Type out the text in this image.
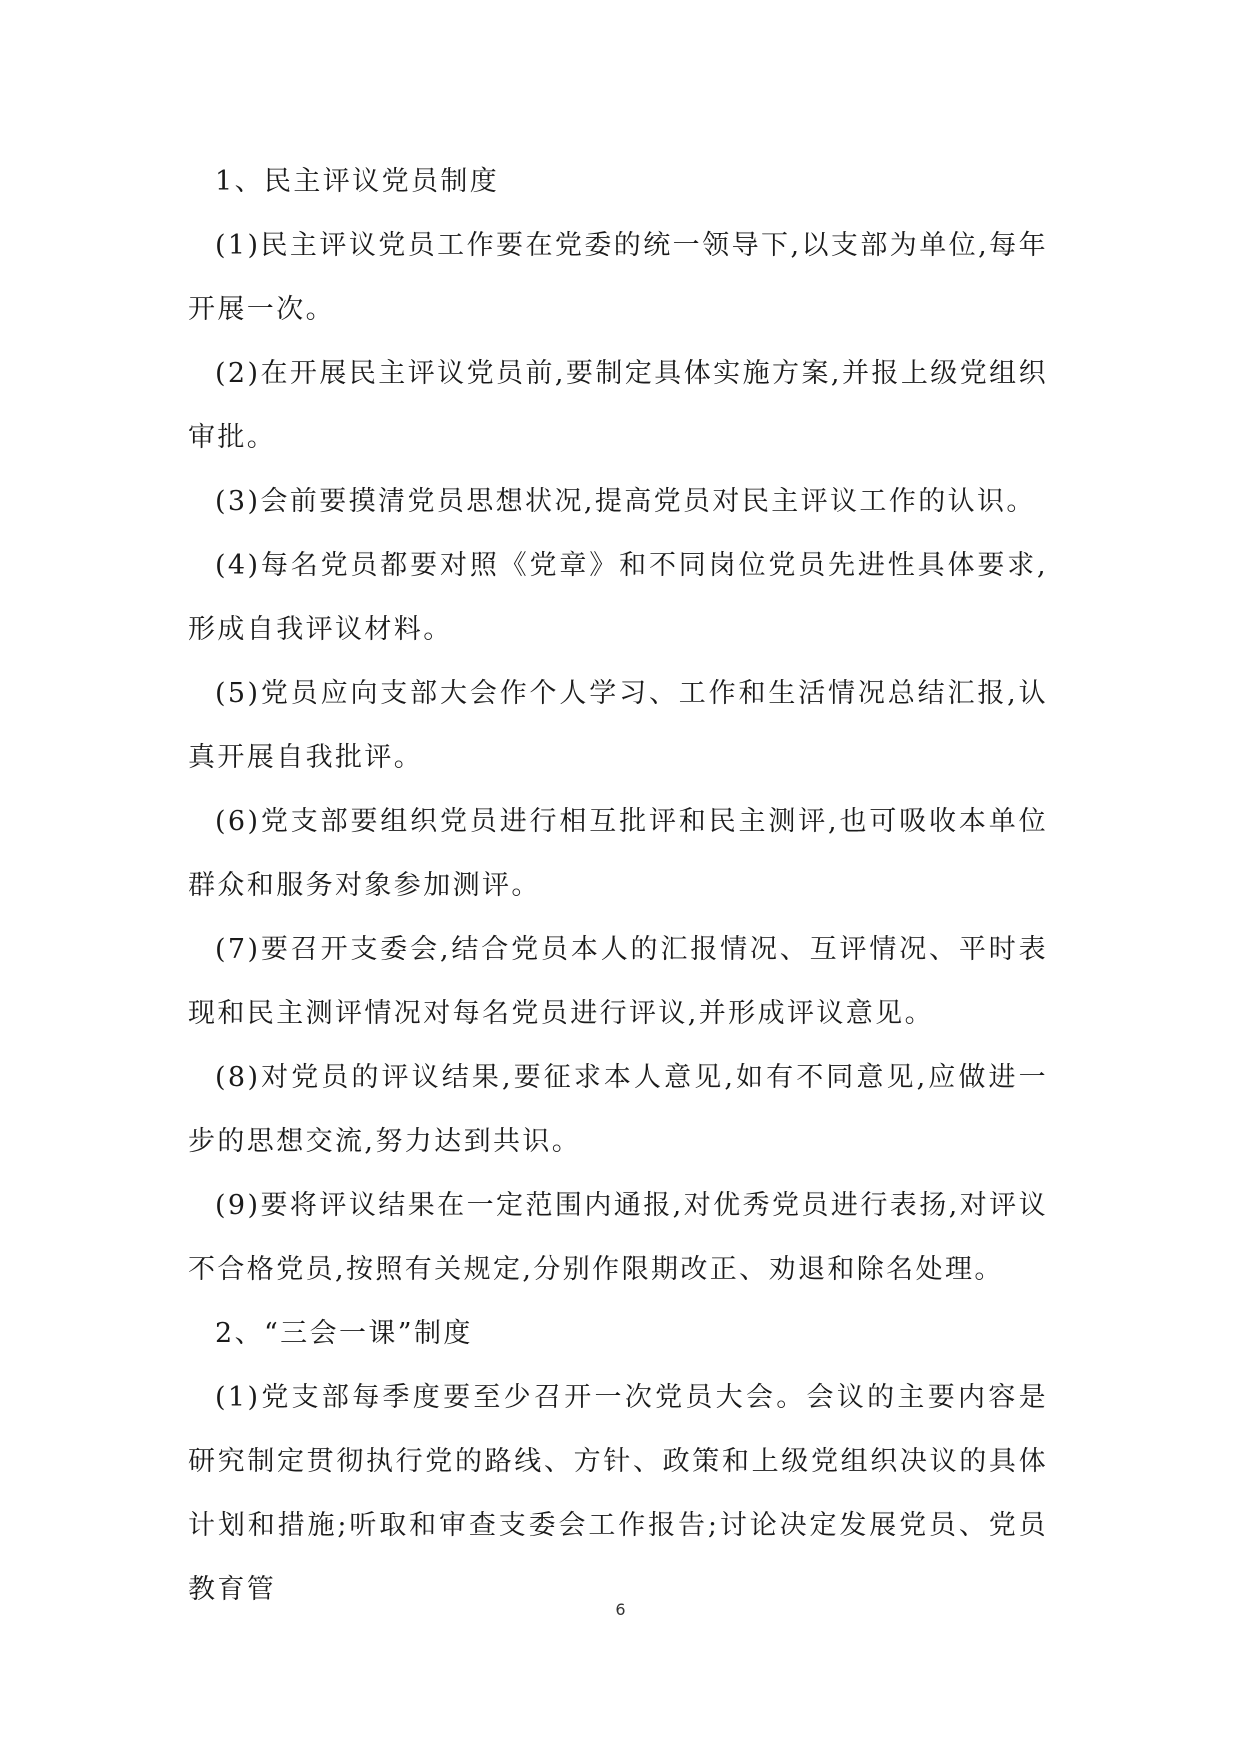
1、民主评议党员制度

(1)民主评议党员工作要在党委的统一领导下,以支部为单位,每年开展一次。

(2)在开展民主评议党员前,要制定具体实施方案,并报上级党组织审批。

(3)会前要摸清党员思想状况,提高党员对民主评议工作的认识。

(4)每名党员都要对照《党章》和不同岗位党员先进性具体要求,形成自我评议材料。

(5)党员应向支部大会作个人学习、工作和生活情况总结汇报,认真开展自我批评。

(6)党支部要组织党员进行相互批评和民主测评,也可吸收本单位群众和服务对象参加测评。

(7)要召开支委会,结合党员本人的汇报情况、互评情况、平时表现和民主测评情况对每名党员进行评议,并形成评议意见。

(8)对党员的评议结果,要征求本人意见,如有不同意见,应做进一步的思想交流,努力达到共识。

(9)要将评议结果在一定范围内通报,对优秀党员进行表扬,对评议不合格党员,按照有关规定,分别作限期改正、劝退和除名处理。

2、“三会一课”制度

(1)党支部每季度要至少召开一次党员大会。会议的主要内容是研究制定贯彻执行党的路线、方针、政策和上级党组织决议的具体计划和措施;听取和审查支委会工作报告;讨论决定发展党员、党员教育管

6
